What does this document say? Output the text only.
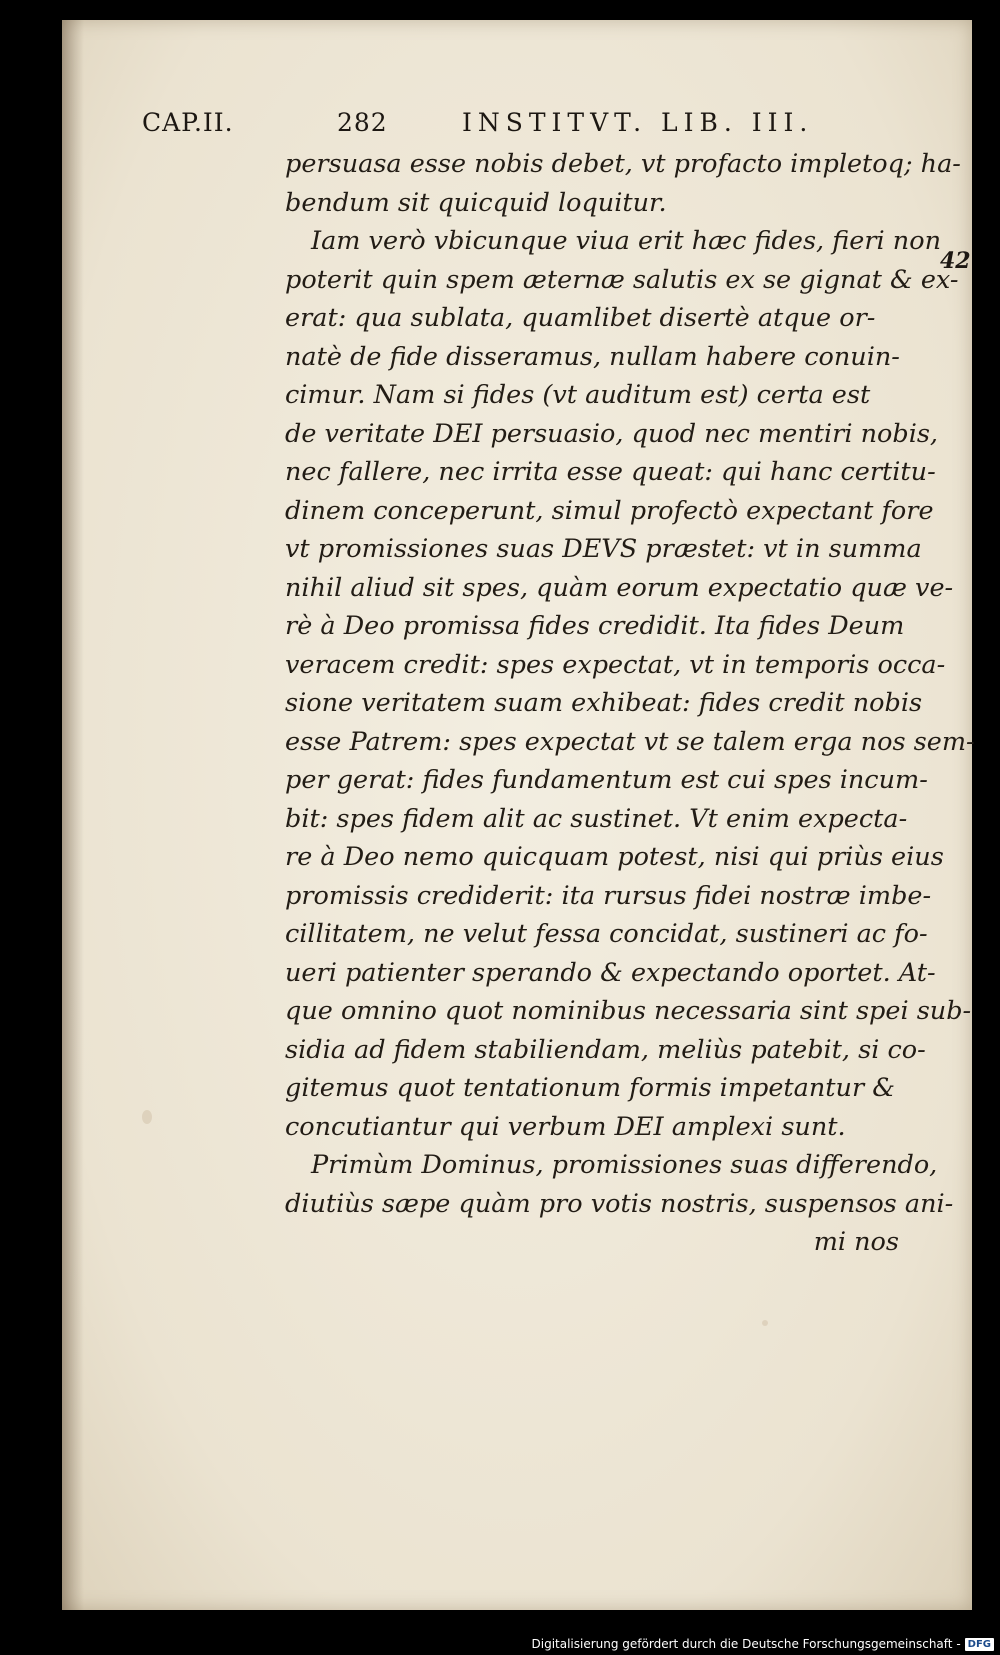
CAP.II.	282	INSTITVT. LIB. III.
42
persuasa esse nobis debet, vt profacto impletoq; ha-
bendum sit quicquid loquitur.
Iam verò vbicunque viua erit hæc fides, fieri non
poterit quin spem æternæ salutis ex se gignat & ex-
erat: qua sublata, quamlibet disertè atque or-
natè de fide disseramus, nullam habere conuin-
cimur. Nam si fides (vt auditum est) certa est
de veritate DEI persuasio, quod nec mentiri nobis,
nec fallere, nec irrita esse queat: qui hanc certitu-
dinem conceperunt, simul profectò expectant fore
vt promissiones suas DEVS præstet: vt in summa
nihil aliud sit spes, quàm eorum expectatio quæ ve-
rè à Deo promissa fides credidit. Ita fides Deum
veracem credit: spes expectat, vt in temporis occa-
sione veritatem suam exhibeat: fides credit nobis
esse Patrem: spes expectat vt se talem erga nos sem-
per gerat: fides fundamentum est cui spes incum-
bit: spes fidem alit ac sustinet. Vt enim expecta-
re à Deo nemo quicquam potest, nisi qui priùs eius
promissis crediderit: ita rursus fidei nostræ imbe-
cillitatem, ne velut fessa concidat, sustineri ac fo-
ueri patienter sperando & expectando oportet. At-
que omnino quot nominibus necessaria sint spei sub-
sidia ad fidem stabiliendam, meliùs patebit, si co-
gitemus quot tentationum formis impetantur &
concutiantur qui verbum DEI amplexi sunt.
Primùm Dominus, promissiones suas differendo,
diutiùs sæpe quàm pro votis nostris, suspensos ani-
mi nos
Digitalisierung gefördert durch die Deutsche Forschungsgemeinschaft - DFG
